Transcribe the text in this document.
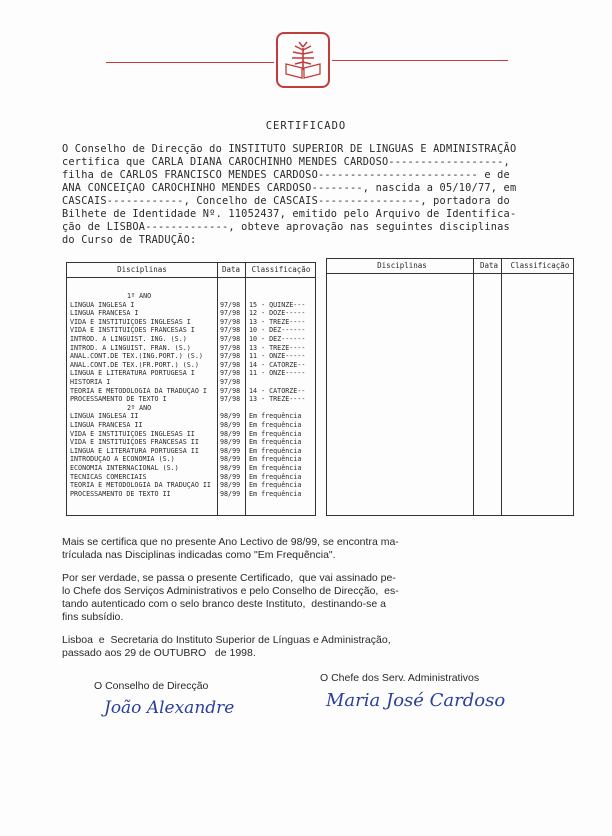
CERTIFICADO
O Conselho de Direcção do INSTITUTO SUPERIOR DE LINGUAS E ADMINISTRAÇÃO
certifica que CARLA DIANA CAROCHINHO MENDES CARDOSO------------------,
filha de CARLOS FRANCISCO MENDES CARDOSO------------------------- e de
ANA CONCEIÇAO CAROCHINHO MENDES CARDOSO--------, nascida a 05/10/77, em
CASCAIS------------, Concelho de CASCAIS----------------, portadora do
Bilhete de Identidade Nº. 11052437, emitido pelo Arquivo de Identifica-
ção de LISBOA-------------, obteve aprovação nas seguintes disciplinas
do Curso de TRADUÇÃO:
Disciplinas	Data	Classificação
1º ANO
LINGUA INGLESA I	97/98 15 - QUINZE---
LINGUA FRANCESA I	97/98 12 - DOZE-----
VIDA E INSTITUIÇOES INGLESAS I	97/98 13 - TREZE----
VIDA E INSTITUIÇOES FRANCESAS I	97/98 10 - DEZ------
INTROD. A LINGUIST. ING. (S.)	97/98 10 - DEZ------
INTROD. A LINGUIST. FRAN. (S.)	97/98 13 - TREZE----
ANAL.CONT.DE TEX.(ING.PORT.) (S.)	97/98 11 - ONZE-----
ANAL.CONT.DE TEX.(FR.PORT.) (S.)	97/98 14 - CATORZE--
LINGUA E LITERATURA PORTUGESA I	97/98 11 - ONZE-----
HISTORIA I	97/98
TEORIA E METODOLOGIA DA TRADUÇAO I	97/98 14 - CATORZE--
PROCESSAMENTO DE TEXTO I	97/98 13 - TREZE----
2º ANO
LINGUA INGLESA II	98/99 Em frequência
LINGUA FRANCESA II	98/99 Em frequência
VIDA E INSTITUIÇOES INGLESAS II	98/99 Em frequência
VIDA E INSTITUIÇOES FRANCESAS II	98/99 Em frequência
LINGUA E LITERATURA PORTUGESA II	98/99 Em frequência
INTRODUÇAO A ECONOMIA (S.)	98/99 Em frequência
ECONOMIA INTERNACIONAL (S.)	98/99 Em frequência
TECNICAS COMERCIAIS	98/99 Em frequência
TEORIA E METODOLOGIA DA TRADUÇAO II	98/99 Em frequência
PROCESSAMENTO DE TEXTO II	98/99 Em frequência
Disciplinas	Data	Classificação
Mais se certifica que no presente Ano Lectivo de 98/99, se encontra ma-
trículada nas Disciplinas indicadas como "Em Frequência".
Por ser verdade, se passa o presente Certificado,  que vai assinado pe-
lo Chefe dos Serviços Administrativos e pelo Conselho de Direcção,  es-
tando autenticado com o selo branco deste Instituto,  destinando-se a
fins subsídio.
Lisboa  e  Secretaria do Instituto Superior de Línguas e Administração,
passado aos 29 de OUTUBRO   de 1998.
O Conselho de Direcção
O Chefe dos Serv. Administrativos
João Alexandre	Maria José Cardoso
